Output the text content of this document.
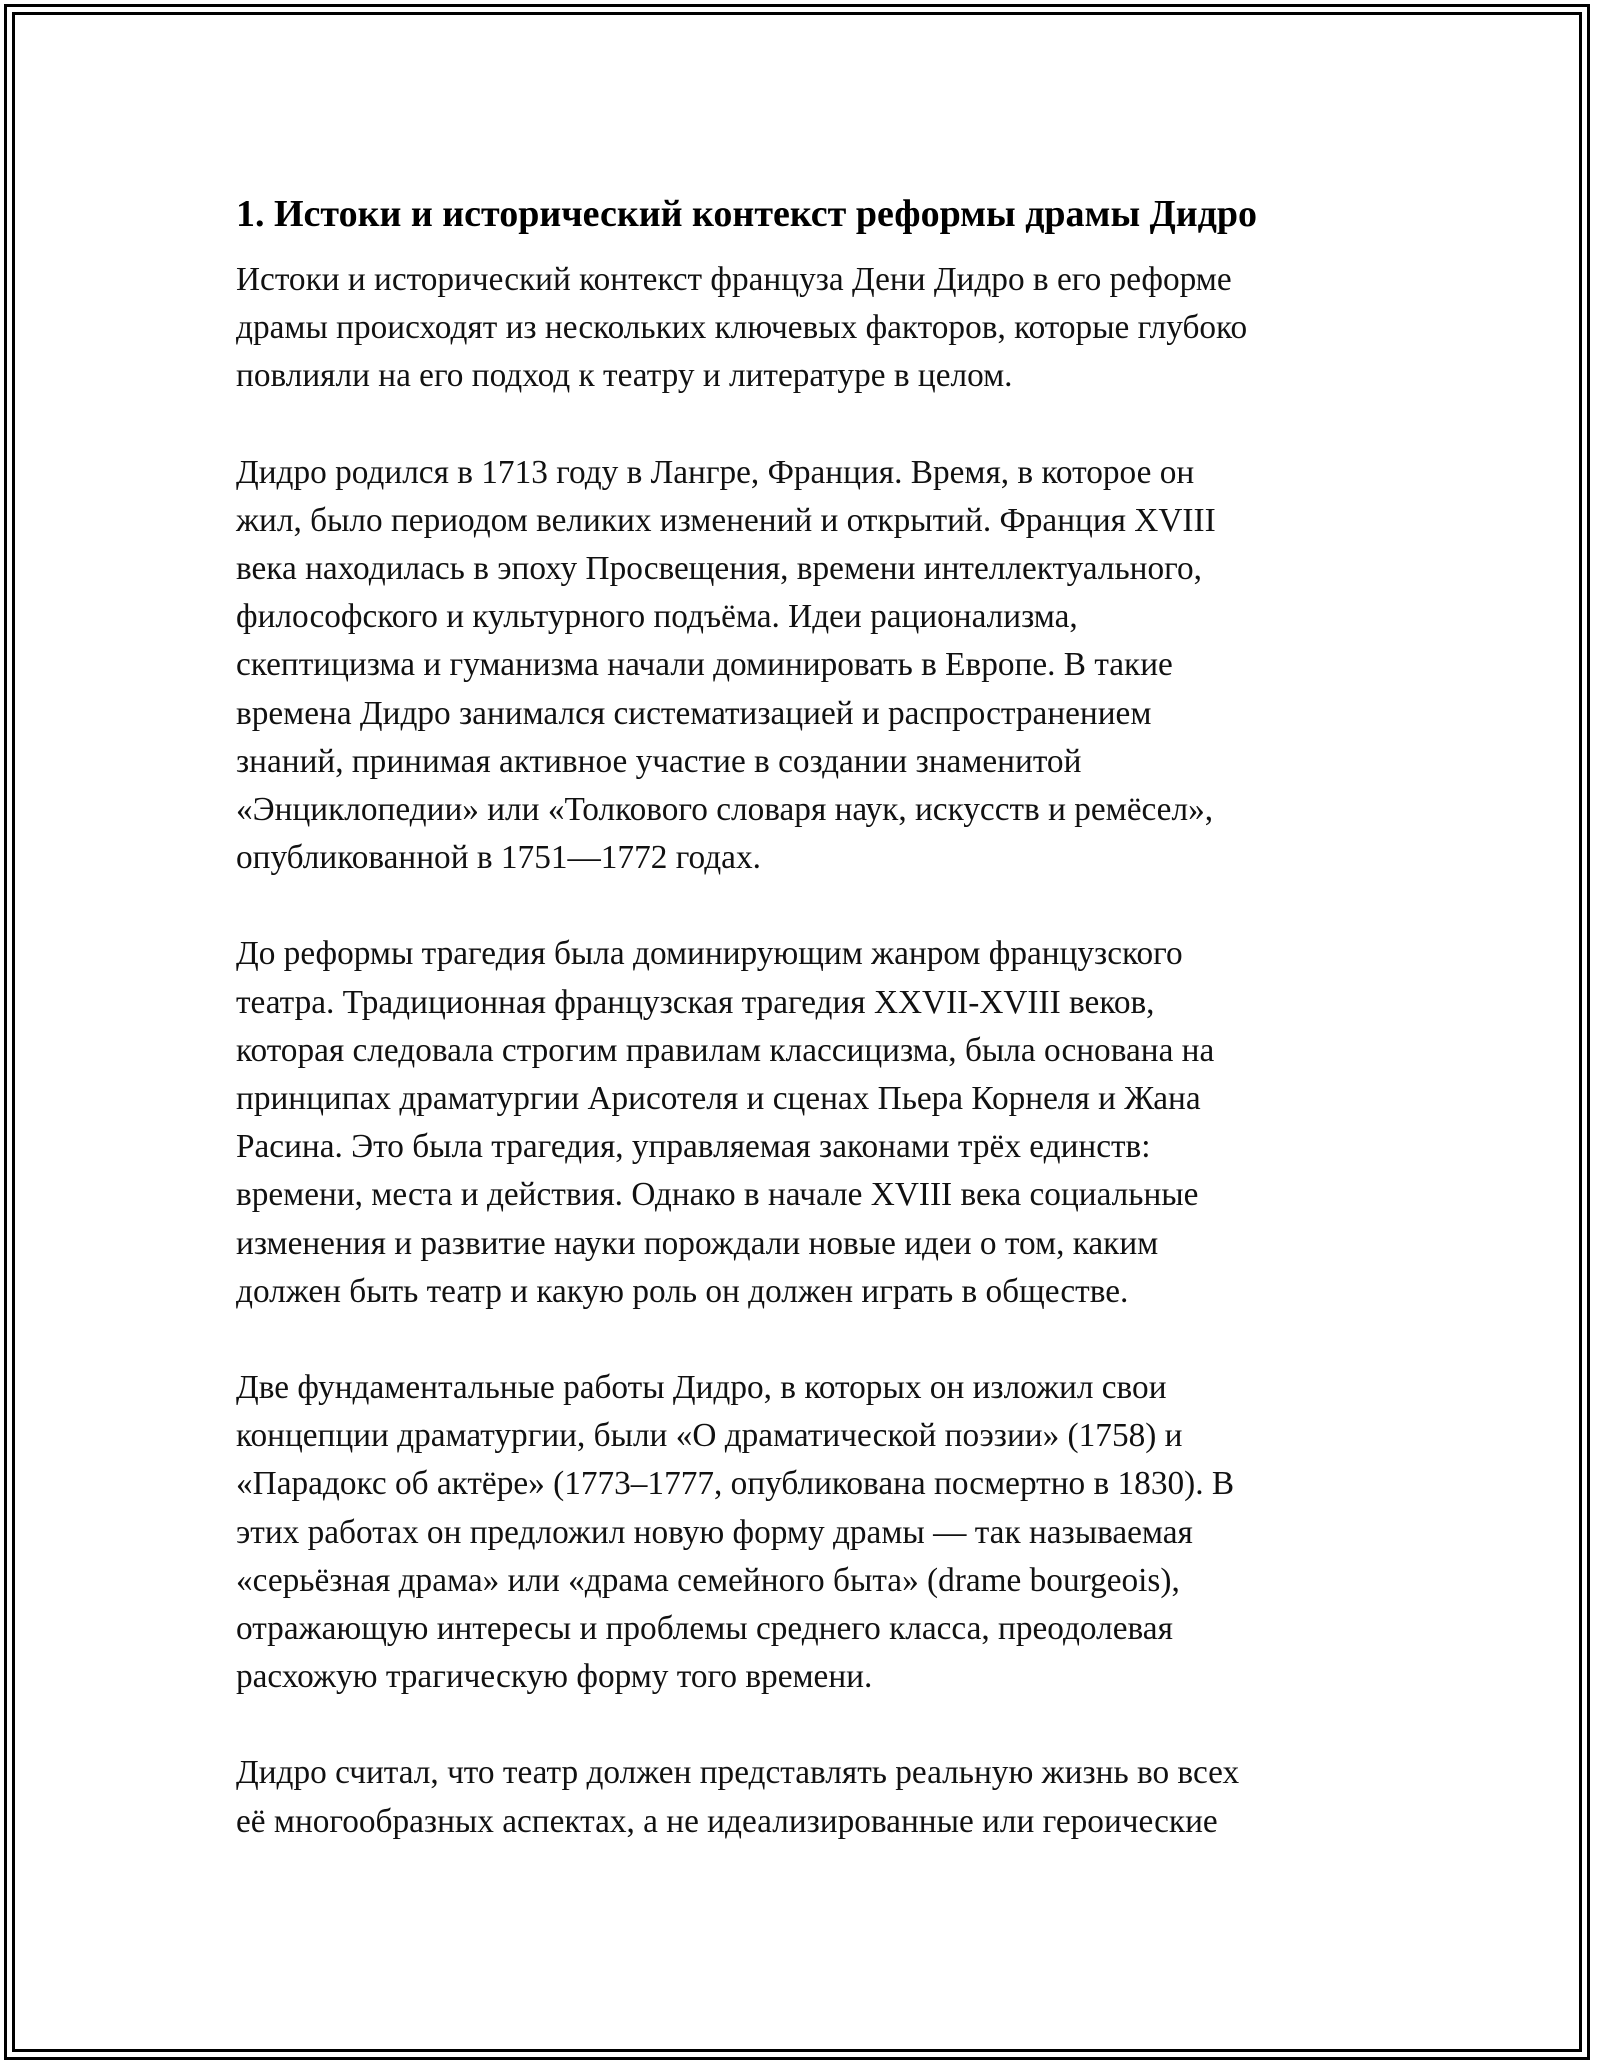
1. Истоки и исторический контекст реформы драмы Дидро

Истоки и исторический контекст француза Дени Дидро в его реформе
драмы происходят из нескольких ключевых факторов, которые глубоко
повлияли на его подход к театру и литературе в целом.

Дидро родился в 1713 году в Лангре, Франция. Время, в которое он
жил, было периодом великих изменений и открытий. Франция XVIII
века находилась в эпоху Просвещения, времени интеллектуального,
философского и культурного подъёма. Идеи рационализма,
скептицизма и гуманизма начали доминировать в Европе. В такие
времена Дидро занимался систематизацией и распространением
знаний, принимая активное участие в создании знаменитой
«Энциклопедии» или «Толкового словаря наук, искусств и ремёсел»,
опубликованной в 1751—1772 годах.

До реформы трагедия была доминирующим жанром французского
театра. Традиционная французская трагедия XXVII-XVIII веков,
которая следовала строгим правилам классицизма, была основана на
принципах драматургии Арисотеля и сценах Пьера Корнеля и Жана
Расина. Это была трагедия, управляемая законами трёх единств:
времени, места и действия. Однако в начале XVIII века социальные
изменения и развитие науки порождали новые идеи о том, каким
должен быть театр и какую роль он должен играть в обществе.

Две фундаментальные работы Дидро, в которых он изложил свои
концепции драматургии, были «О драматической поэзии» (1758) и
«Парадокс об актёре» (1773–1777, опубликована посмертно в 1830). В
этих работах он предложил новую форму драмы — так называемая
«серьёзная драма» или «драма семейного быта» (drame bourgeois),
отражающую интересы и проблемы среднего класса, преодолевая
расхожую трагическую форму того времени.

Дидро считал, что театр должен представлять реальную жизнь во всех
её многообразных аспектах, а не идеализированные или героические
